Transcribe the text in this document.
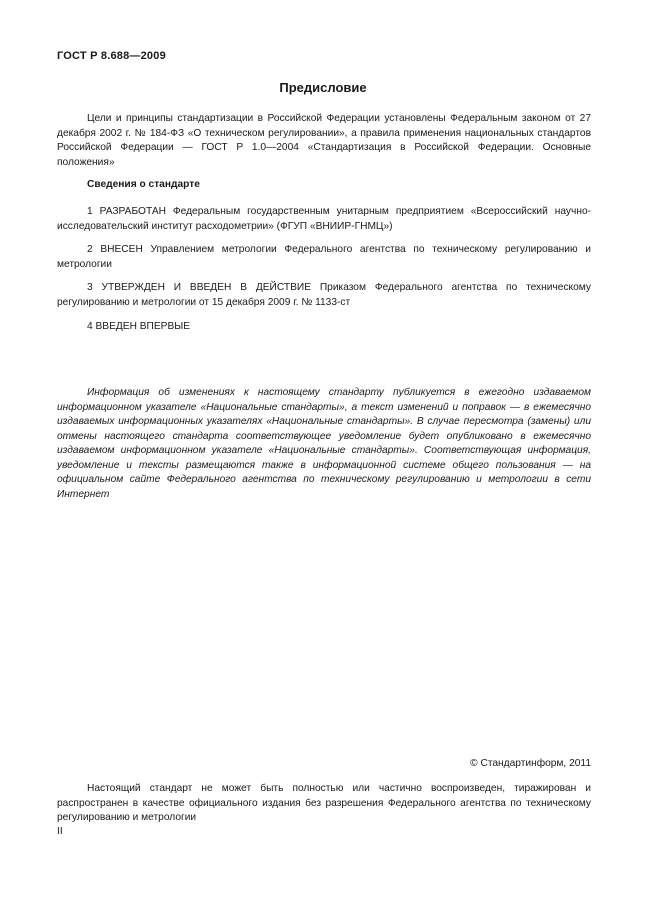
ГОСТ Р 8.688—2009
Предисловие
Цели и принципы стандартизации в Российской Федерации установлены Федеральным законом от 27 декабря 2002 г. № 184-ФЗ «О техническом регулировании», а правила применения национальных стандартов Российской Федерации — ГОСТ Р 1.0—2004 «Стандартизация в Российской Федерации. Основные положения»
Сведения о стандарте
1 РАЗРАБОТАН Федеральным государственным унитарным предприятием «Всероссийский научно-исследовательский институт расходометрии» (ФГУП «ВНИИР-ГНМЦ»)
2 ВНЕСЕН Управлением метрологии Федерального агентства по техническому регулированию и метрологии
3 УТВЕРЖДЕН И ВВЕДЕН В ДЕЙСТВИЕ Приказом Федерального агентства по техническому регулированию и метрологии от 15 декабря 2009 г. № 1133-ст
4 ВВЕДЕН ВПЕРВЫЕ
Информация об изменениях к настоящему стандарту публикуется в ежегодно издаваемом информационном указателе «Национальные стандарты», а текст изменений и поправок — в ежемесячно издаваемых информационных указателях «Национальные стандарты». В случае пересмотра (замены) или отмены настоящего стандарта соответствующее уведомление будет опубликовано в ежемесячно издаваемом информационном указателе «Национальные стандарты». Соответствующая информация, уведомление и тексты размещаются также в информационной системе общего пользования — на официальном сайте Федерального агентства по техническому регулированию и метрологии в сети Интернет
© Стандартинформ, 2011
Настоящий стандарт не может быть полностью или частично воспроизведен, тиражирован и распространен в качестве официального издания без разрешения Федерального агентства по техническому регулированию и метрологии
II
